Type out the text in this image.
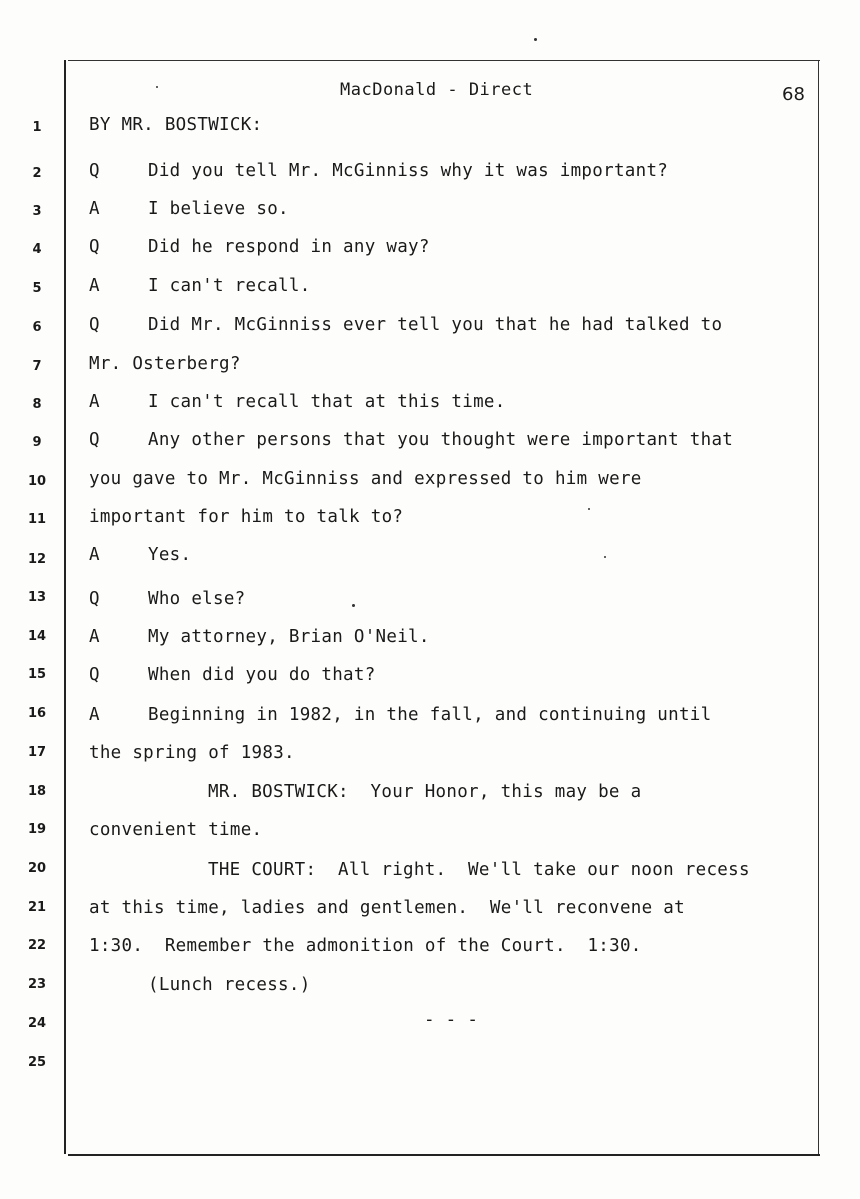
MacDonald - Direct	68
1	BY MR. BOSTWICK:
2	Q	Did you tell Mr. McGinniss why it was important?
3	A	I believe so.
4	Q	Did he respond in any way?
5	A	I can't recall.
6	Q	Did Mr. McGinniss ever tell you that he had talked to
7	Mr. Osterberg?
8	A	I can't recall that at this time.
9	Q	Any other persons that you thought were important that
10	you gave to Mr. McGinniss and expressed to him were
11	important for him to talk to?
12	A	Yes.
13	Q	Who else?
14	A	My attorney, Brian O'Neil.
15	Q	When did you do that?
16	A	Beginning in 1982, in the fall, and continuing until
17	the spring of 1983.
18	MR. BOSTWICK:  Your Honor, this may be a
19	convenient time.
20	THE COURT:  All right.  We'll take our noon recess
21	at this time, ladies and gentlemen.  We'll reconvene at
22	1:30.  Remember the admonition of the Court.  1:30.
23	(Lunch recess.)
24	- - -
25
